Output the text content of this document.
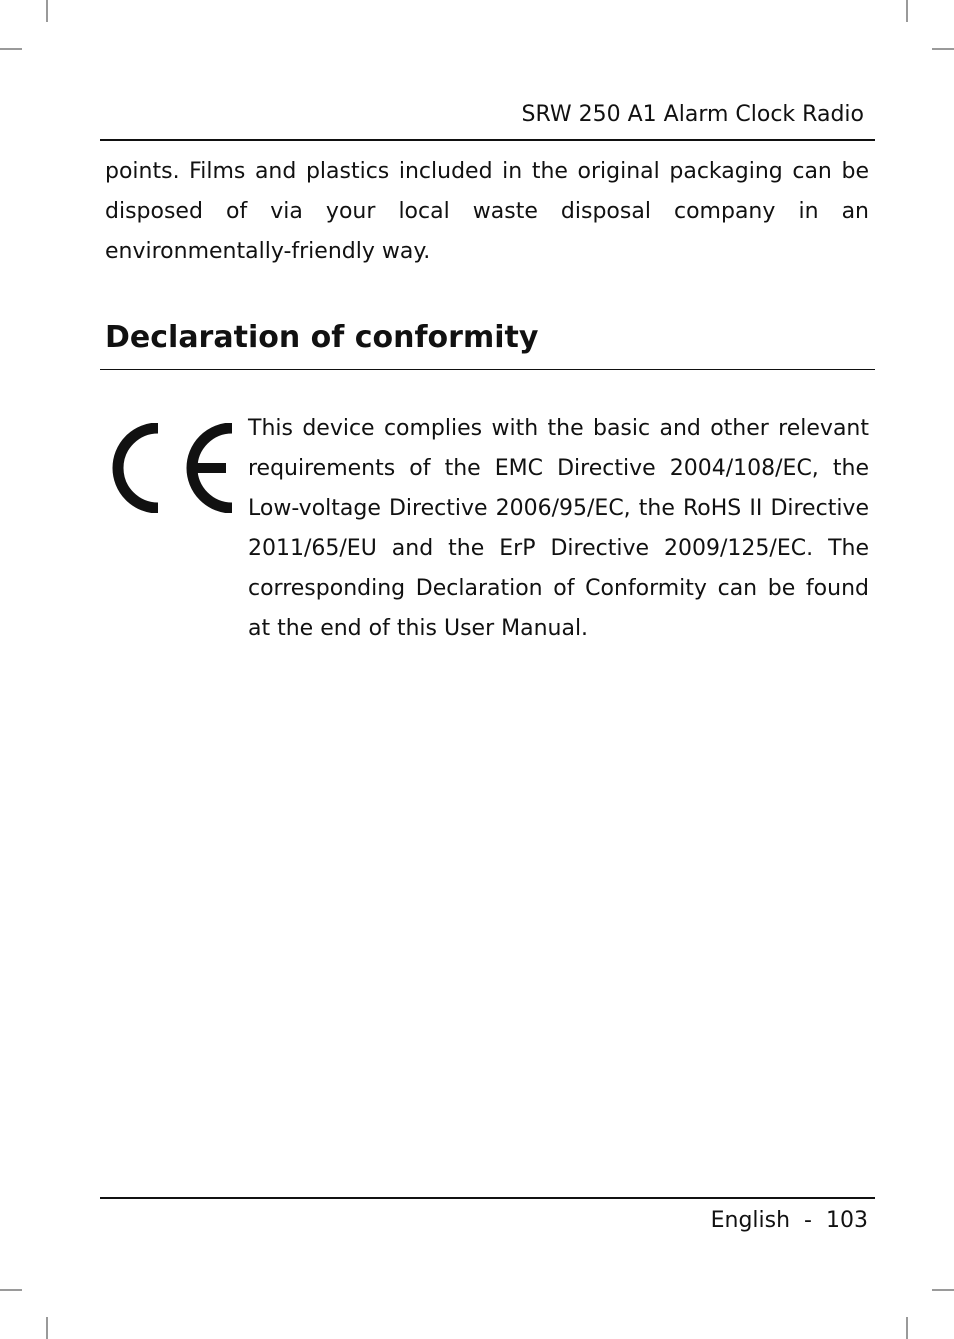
SRW 250 A1 Alarm Clock Radio
points. Films and plastics included in the original packaging can be disposed of via your local waste disposal company in an environmentally-friendly way.
Declaration of conformity
This device complies with the basic and other relevant requirements of the EMC Directive 2004/108/EC, the Low-voltage Directive 2006/95/EC, the RoHS II Directive 2011/65/EU and the ErP Directive 2009/125/EC. The corresponding Declaration of Conformity can be found at the end of this User Manual.
English - 103
